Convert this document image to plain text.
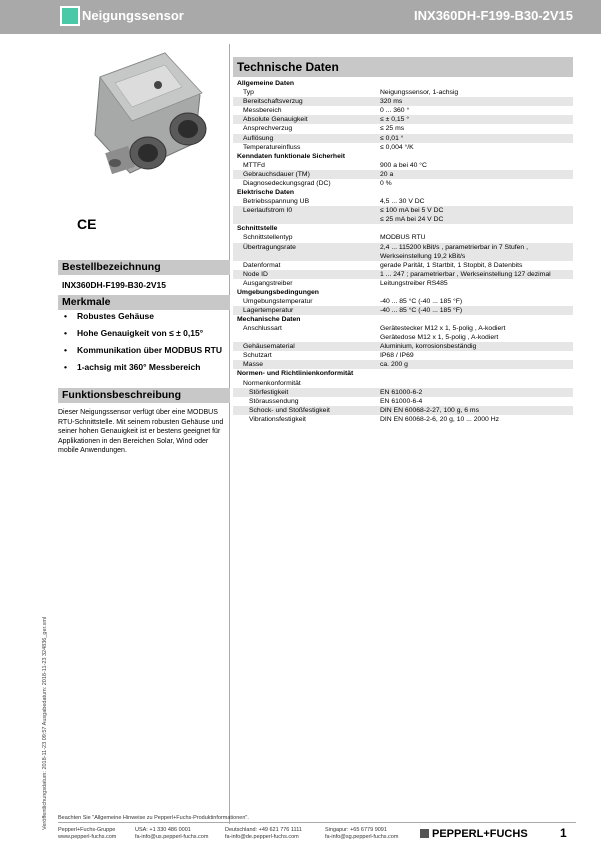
Neigungssensor	INX360DH-F199-B30-2V15
CE
Bestellbezeichnung
INX360DH-F199-B30-2V15
Merkmale
• Robustes Gehäuse
• Hohe Genauigkeit von ≤ ± 0,15°
• Kommunikation über MODBUS RTU
• 1-achsig mit 360° Messbereich
Funktionsbeschreibung
Dieser Neigungssensor verfügt über eine MODBUS RTU-Schnittstelle. Mit seinem robusten Gehäuse und seiner hohen Genauigkeit ist er bestens geeignet für Applikationen in den Bereichen Solar, Wind oder mobile Anwendungen.
Veröffentlichungsdatum: 2018-11-23 09:57 Ausgabedatum: 2018-11-23 324836_ger.xml
Technische Daten
Allgemeine Daten
Typ	Neigungssensor, 1-achsig
Bereitschaftsverzug	320 ms
Messbereich	0 ... 360 °
Absolute Genauigkeit	≤ ± 0,15 °
Ansprechverzug	≤ 25 ms
Auflösung	≤ 0,01 °
Temperatureinfluss	≤ 0,004 °/K
Kenndaten funktionale Sicherheit
MTTFd	900 a bei 40 °C
Gebrauchsdauer (TM)	20 a
Diagnosedeckungsgrad (DC)	0 %
Elektrische Daten
Betriebsspannung UB	4,5 ... 30 V DC
Leerlaufstrom I0	≤ 100 mA bei 5 V DC
≤ 25 mA bei 24 V DC
Schnittstelle
Schnittstellentyp	MODBUS RTU
Übertragungsrate	2,4 ... 115200 kBit/s , parametrierbar in 7 Stufen ,
Werkseinstellung 19,2 kBit/s
Datenformat	gerade Parität, 1 Startbit, 1 Stopbit, 8 Datenbits
Node ID	1 ... 247 ; parametrierbar , Werkseinstellung 127 dezimal
Ausgangstreiber	Leitungstreiber RS485
Umgebungsbedingungen
Umgebungstemperatur	-40 ... 85 °C (-40 ... 185 °F)
Lagertemperatur	-40 ... 85 °C (-40 ... 185 °F)
Mechanische Daten
Anschlussart	Gerätestecker M12 x 1, 5-polig , A-kodiert
Gerätedose M12 x 1, 5-polig , A-kodiert
Gehäusematerial	Aluminium, korrosionsbeständig
Schutzart	IP68 / IP69
Masse	ca. 200 g
Normen- und Richtlinienkonformität
Normenkonformität
Störfestigkeit	EN 61000-6-2
Störaussendung	EN 61000-6-4
Schock- und Stoßfestigkeit	DIN EN 60068-2-27, 100 g, 6 ms
Vibrationsfestigkeit	DIN EN 60068-2-6, 20 g, 10 ... 2000 Hz
Beachten Sie "Allgemeine Hinweise zu Pepperl+Fuchs-Produktinformationen".
Pepperl+Fuchs-Gruppe
www.pepperl-fuchs.com
USA: +1 330 486 0001
fa-info@us.pepperl-fuchs.com
Deutschland: +49 621 776 1111
fa-info@de.pepperl-fuchs.com
Singapur: +65 6779 9091
fa-info@sg.pepperl-fuchs.com	PEPPERL+FUCHS	1
